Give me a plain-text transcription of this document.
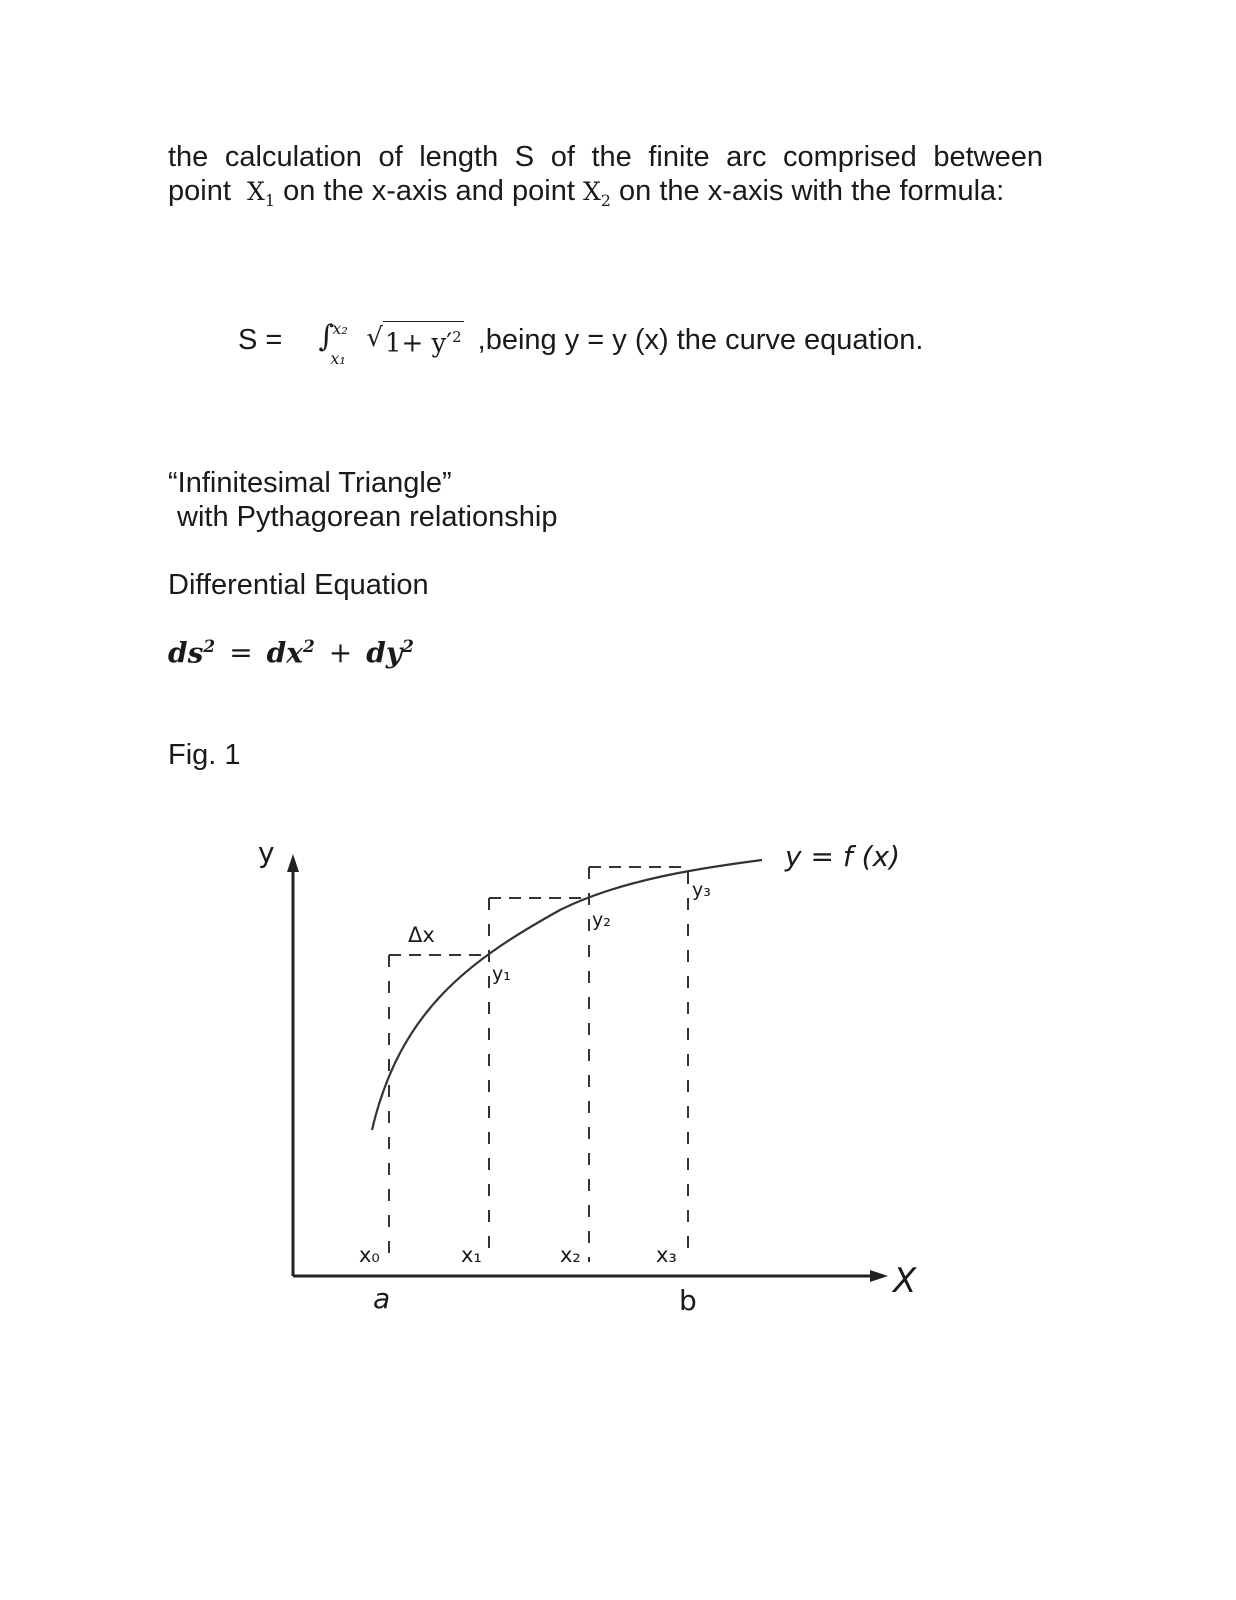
the calculation of length S of the finite arc comprised between
point $X_1$ on the x-axis and point $X_2$ on the x-axis with the formula:
S = ∫
x₂
x₁
√ $1+ y'^2$ ,being y = y (x) the curve equation.
“Infinitesimal Triangle”
with Pythagorean relationship
Differential Equation
$ds^2 = dx^2 + dy^2$
Fig. 1
y
X
y = f (x)
Δx
x₀	x₁	x₂	x₃
y₁
y₂
y₃
a	b
